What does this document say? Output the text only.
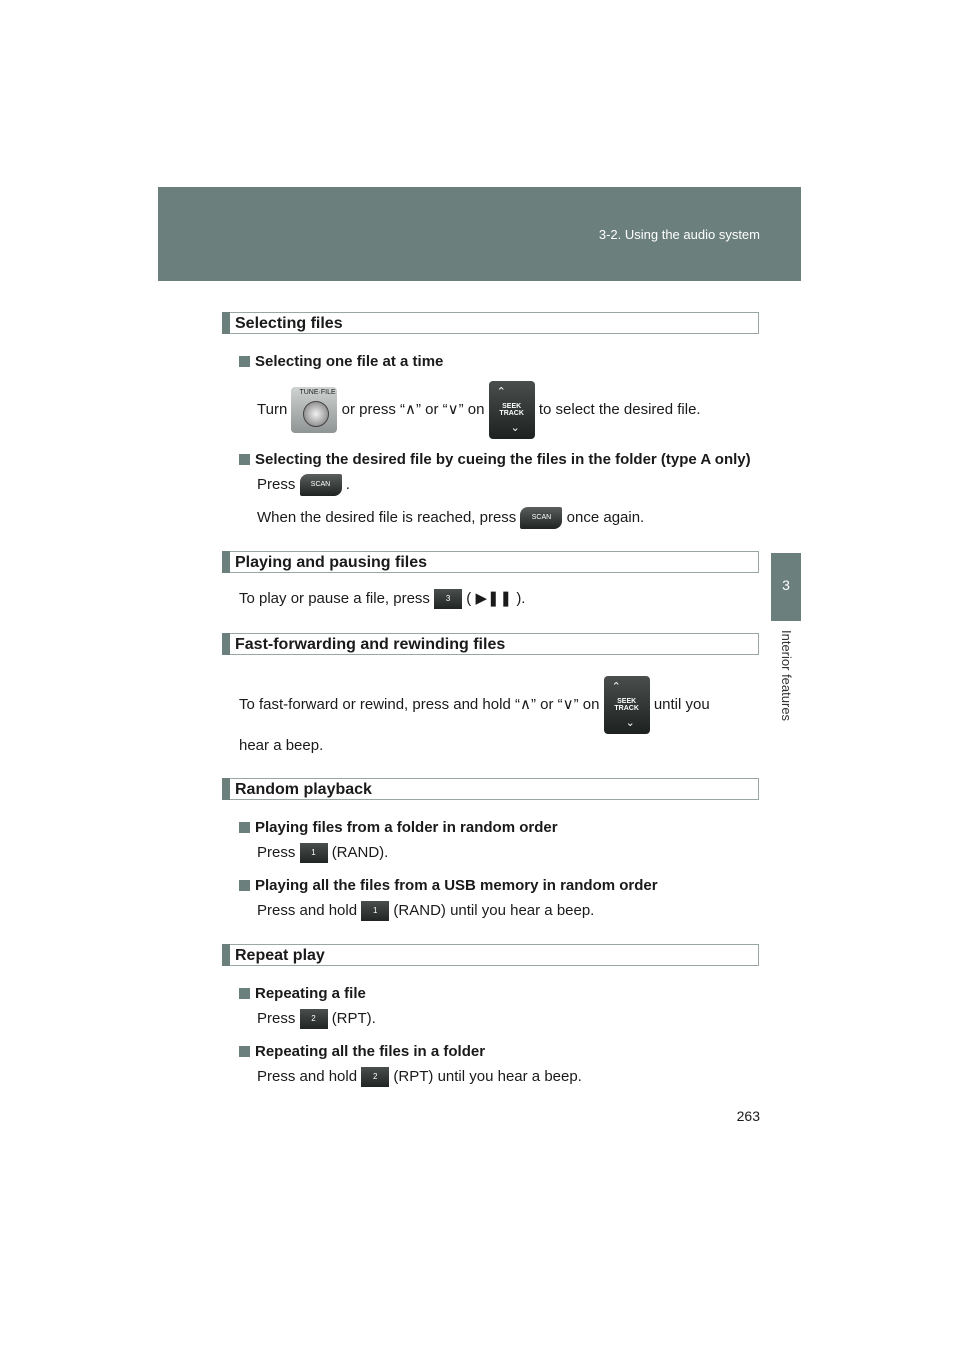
3-2. Using the audio system
3
Interior features
Selecting files
Selecting one file at a time
Turn
TUNE·FILE
or press “∧” or “∨” on
⌃
SEEK
TRACK
⌄
to select the desired file.
Selecting the desired file by cueing the files in the folder (type A only)
Press SCAN .
When the desired file is reached, press SCAN once again.
Playing and pausing files
To play or pause a file, press 3 ( ▶❚❚ ).
Fast-forwarding and rewinding files
To fast-forward or rewind, press and hold “∧” or “∨” on
⌃
SEEK
TRACK
⌄
until you
hear a beep.
Random playback
Playing files from a folder in random order
Press 1 (RAND).
Playing all the files from a USB memory in random order
Press and hold 1 (RAND) until you hear a beep.
Repeat play
Repeating a file
Press 2 (RPT).
Repeating all the files in a folder
Press and hold 2 (RPT) until you hear a beep.
263
